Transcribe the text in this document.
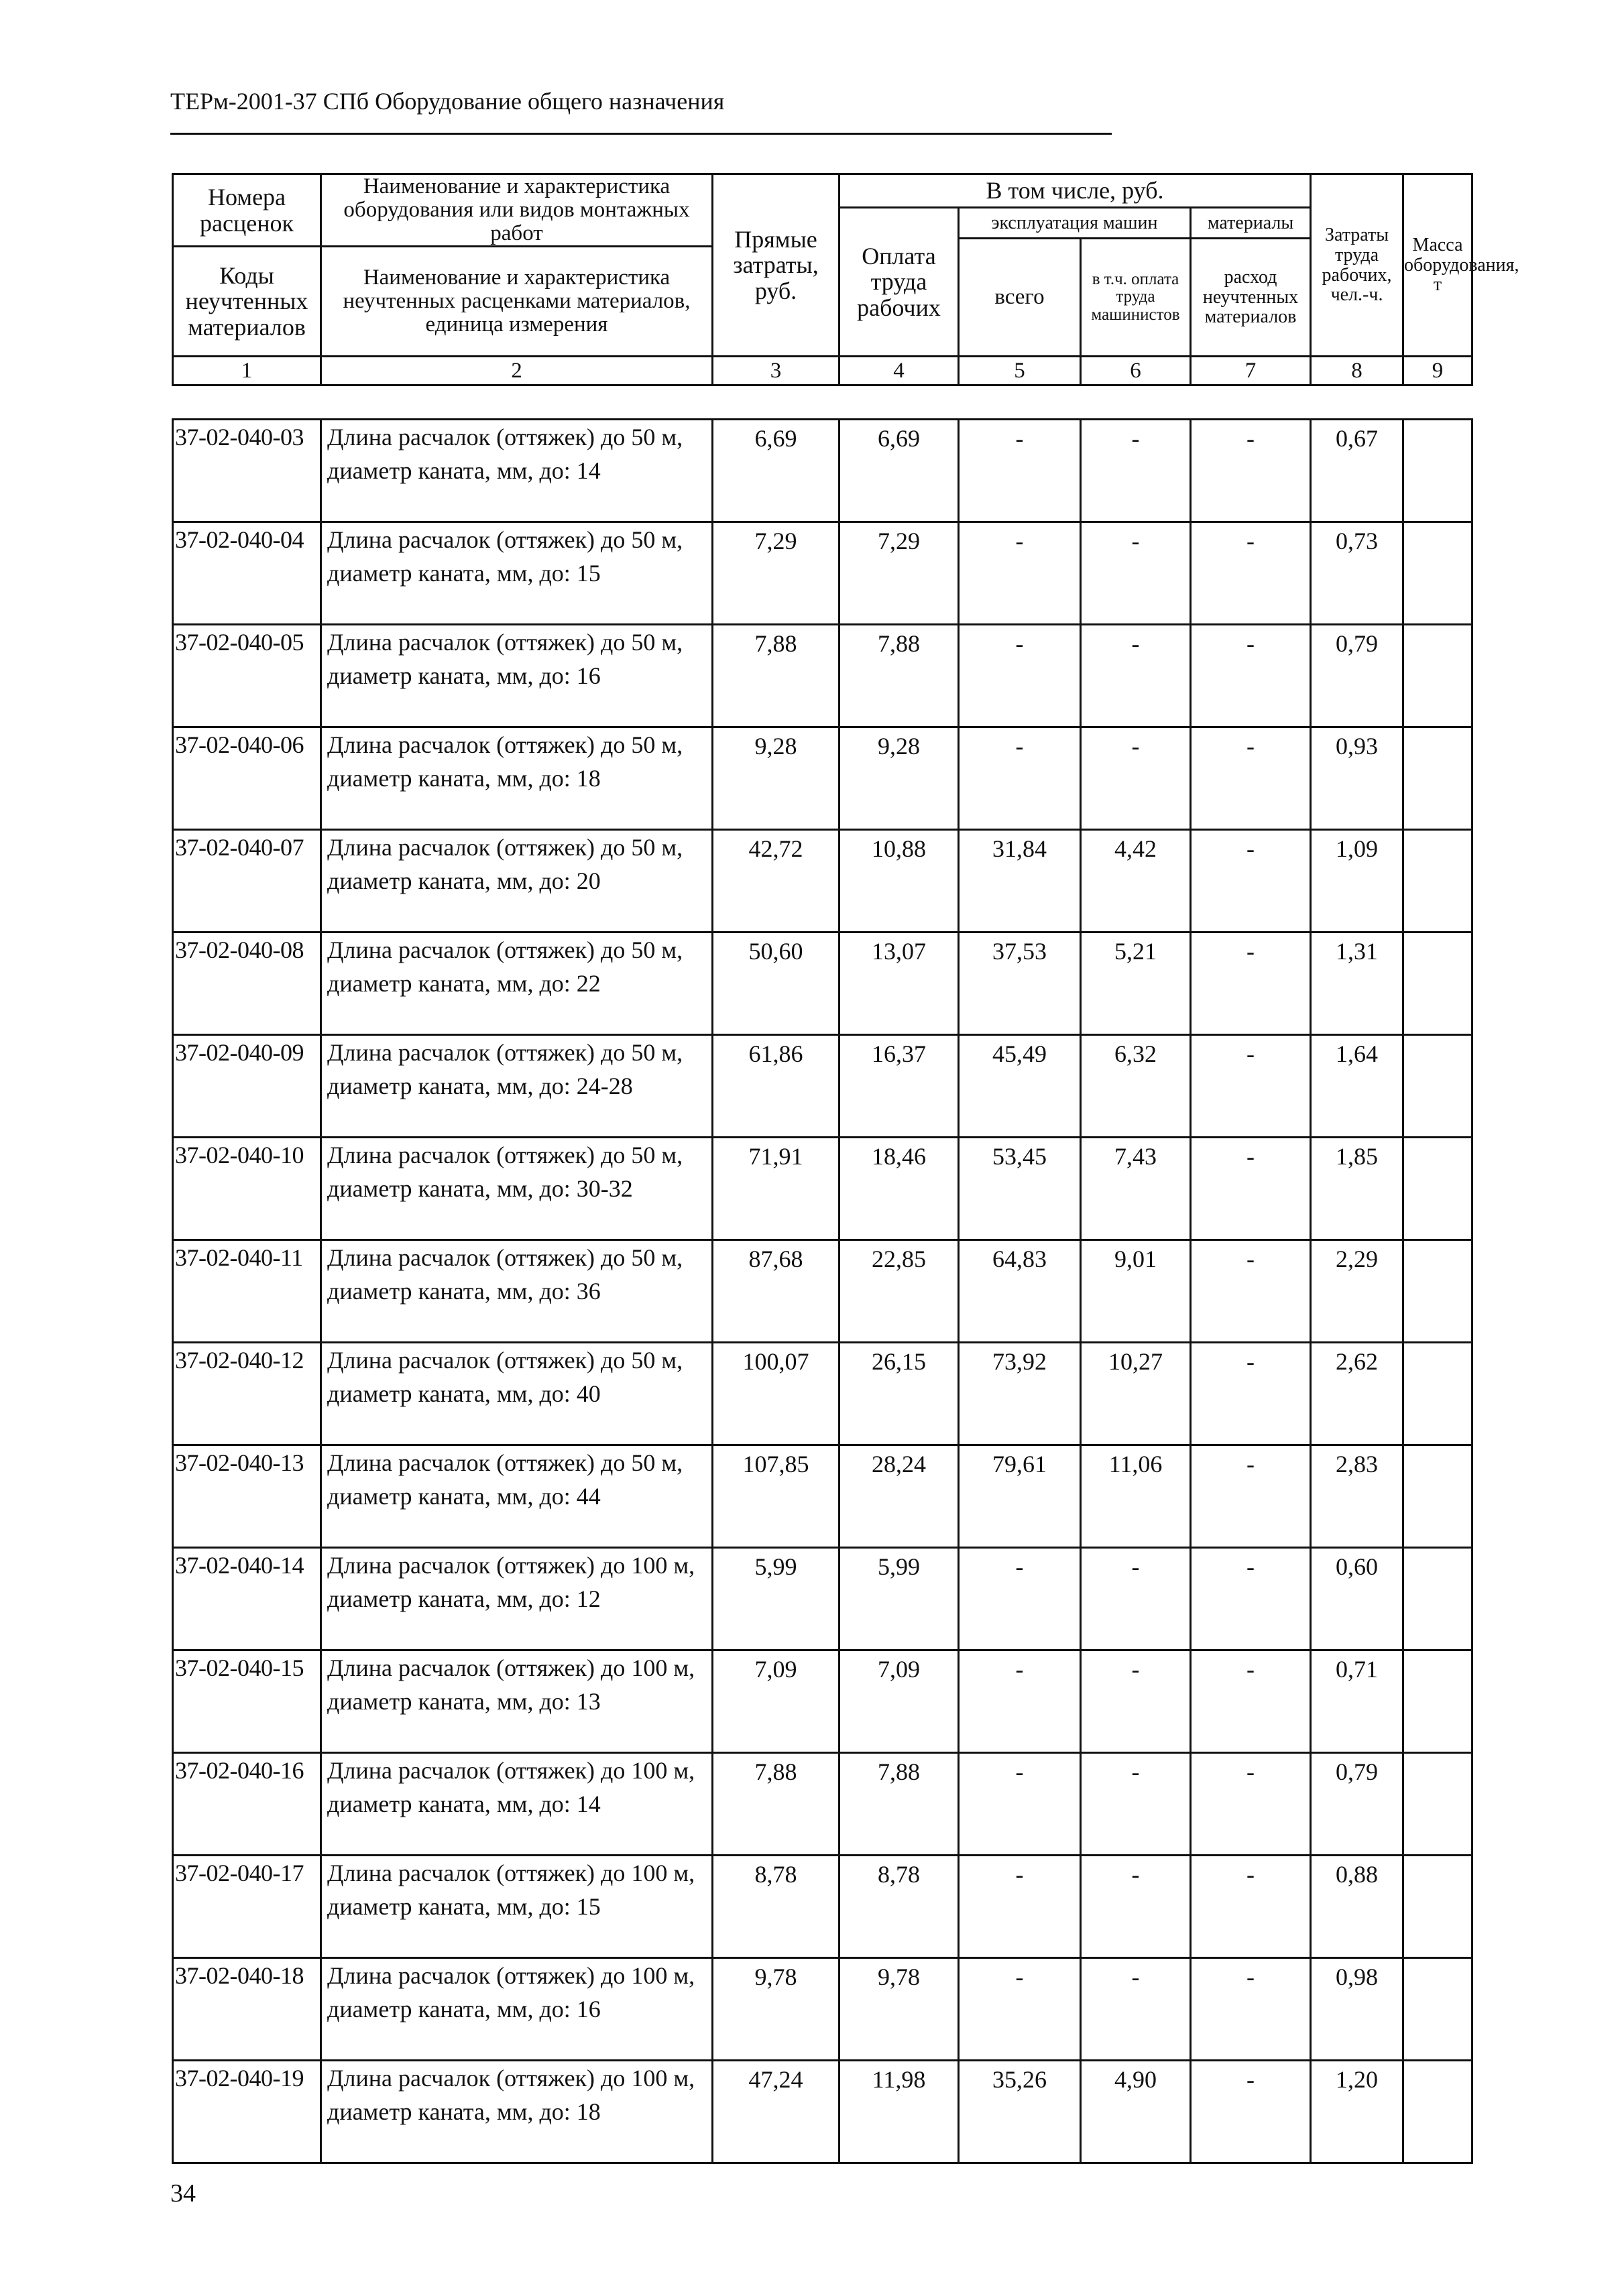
ТЕРм-2001-37 СПб Оборудование общего назначения
Номера расценок	Наименование и характеристика оборудования или видов монтажных работ	Прямые затраты, руб.	В том числе, руб.				Затраты труда рабочих, чел.-ч.	Масса оборудования, т
			Оплата труда рабочих	эксплуатация машин		материалы		
				всего	в т.ч. оплата труда машинистов	расход неучтенных материалов		
Коды неучтенных материалов	Наименование и характеристика неучтенных расценками материалов, единица измерения							

1	2	3	4	5	6	7	8	9
37-02-040-03	Длина расчалок (оттяжек) до 50 м, диаметр каната, мм, до: 14	6,69	6,69	-	-	-	0,67	
37-02-040-04	Длина расчалок (оттяжек) до 50 м, диаметр каната, мм, до: 15	7,29	7,29	-	-	-	0,73	
37-02-040-05	Длина расчалок (оттяжек) до 50 м, диаметр каната, мм, до: 16	7,88	7,88	-	-	-	0,79	
37-02-040-06	Длина расчалок (оттяжек) до 50 м, диаметр каната, мм, до: 18	9,28	9,28	-	-	-	0,93	
37-02-040-07	Длина расчалок (оттяжек) до 50 м, диаметр каната, мм, до: 20	42,72	10,88	31,84	4,42	-	1,09	
37-02-040-08	Длина расчалок (оттяжек) до 50 м, диаметр каната, мм, до: 22	50,60	13,07	37,53	5,21	-	1,31	
37-02-040-09	Длина расчалок (оттяжек) до 50 м, диаметр каната, мм, до: 24-28	61,86	16,37	45,49	6,32	-	1,64	
37-02-040-10	Длина расчалок (оттяжек) до 50 м, диаметр каната, мм, до: 30-32	71,91	18,46	53,45	7,43	-	1,85	
37-02-040-11	Длина расчалок (оттяжек) до 50 м, диаметр каната, мм, до: 36	87,68	22,85	64,83	9,01	-	2,29	
37-02-040-12	Длина расчалок (оттяжек) до 50 м, диаметр каната, мм, до: 40	100,07	26,15	73,92	10,27	-	2,62	
37-02-040-13	Длина расчалок (оттяжек) до 50 м, диаметр каната, мм, до: 44	107,85	28,24	79,61	11,06	-	2,83	
37-02-040-14	Длина расчалок (оттяжек) до 100 м, диаметр каната, мм, до: 12	5,99	5,99	-	-	-	0,60	
37-02-040-15	Длина расчалок (оттяжек) до 100 м, диаметр каната, мм, до: 13	7,09	7,09	-	-	-	0,71	
37-02-040-16	Длина расчалок (оттяжек) до 100 м, диаметр каната, мм, до: 14	7,88	7,88	-	-	-	0,79	
37-02-040-17	Длина расчалок (оттяжек) до 100 м, диаметр каната, мм, до: 15	8,78	8,78	-	-	-	0,88	
37-02-040-18	Длина расчалок (оттяжек) до 100 м, диаметр каната, мм, до: 16	9,78	9,78	-	-	-	0,98	
37-02-040-19	Длина расчалок (оттяжек) до 100 м, диаметр каната, мм, до: 18	47,24	11,98	35,26	4,90	-	1,20	
34
